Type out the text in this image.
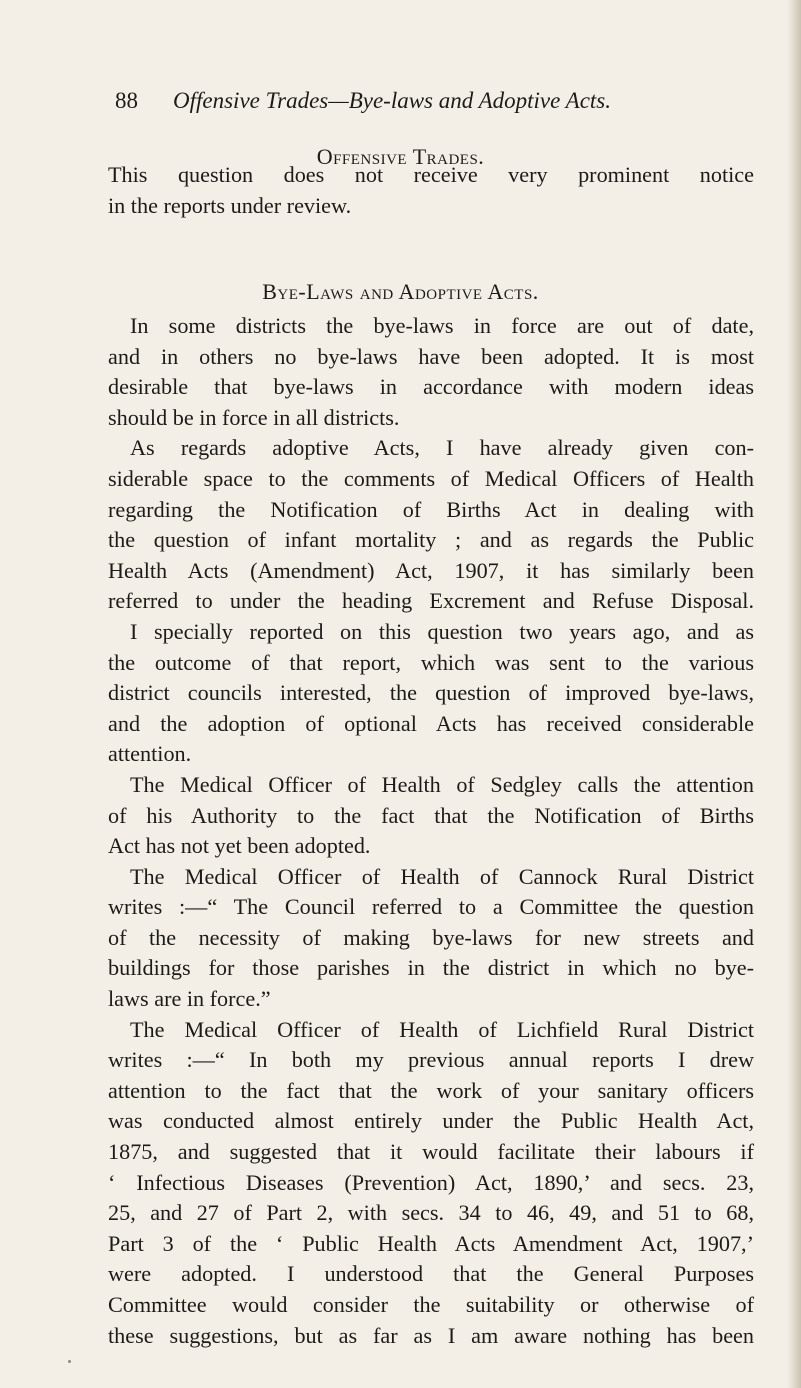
88 Offensive Trades—Bye-laws and Adoptive Acts.
Offensive Trades.
This question does not receive very prominent notice
in the reports under review.
Bye-Laws and Adoptive Acts.
In some districts the bye-laws in force are out of date,
and in others no bye-laws have been adopted. It is most
desirable that bye-laws in accordance with modern ideas
should be in force in all districts.
As regards adoptive Acts, I have already given con-
siderable space to the comments of Medical Officers of Health
regarding the Notification of Births Act in dealing with
the question of infant mortality ; and as regards the Public
Health Acts (Amendment) Act, 1907, it has similarly been
referred to under the heading Excrement and Refuse Disposal.
I specially reported on this question two years ago, and as
the outcome of that report, which was sent to the various
district councils interested, the question of improved bye-laws,
and the adoption of optional Acts has received considerable
attention.
The Medical Officer of Health of Sedgley calls the attention
of his Authority to the fact that the Notification of Births
Act has not yet been adopted.
The Medical Officer of Health of Cannock Rural District
writes :—“ The Council referred to a Committee the question
of the necessity of making bye-laws for new streets and
buildings for those parishes in the district in which no bye-
laws are in force.”
The Medical Officer of Health of Lichfield Rural District
writes :—“ In both my previous annual reports I drew
attention to the fact that the work of your sanitary officers
was conducted almost entirely under the Public Health Act,
1875, and suggested that it would facilitate their labours if
‘ Infectious Diseases (Prevention) Act, 1890,’ and secs. 23,
25, and 27 of Part 2, with secs. 34 to 46, 49, and 51 to 68,
Part 3 of the ‘ Public Health Acts Amendment Act, 1907,’
were adopted. I understood that the General Purposes
Committee would consider the suitability or otherwise of
these suggestions, but as far as I am aware nothing has been
